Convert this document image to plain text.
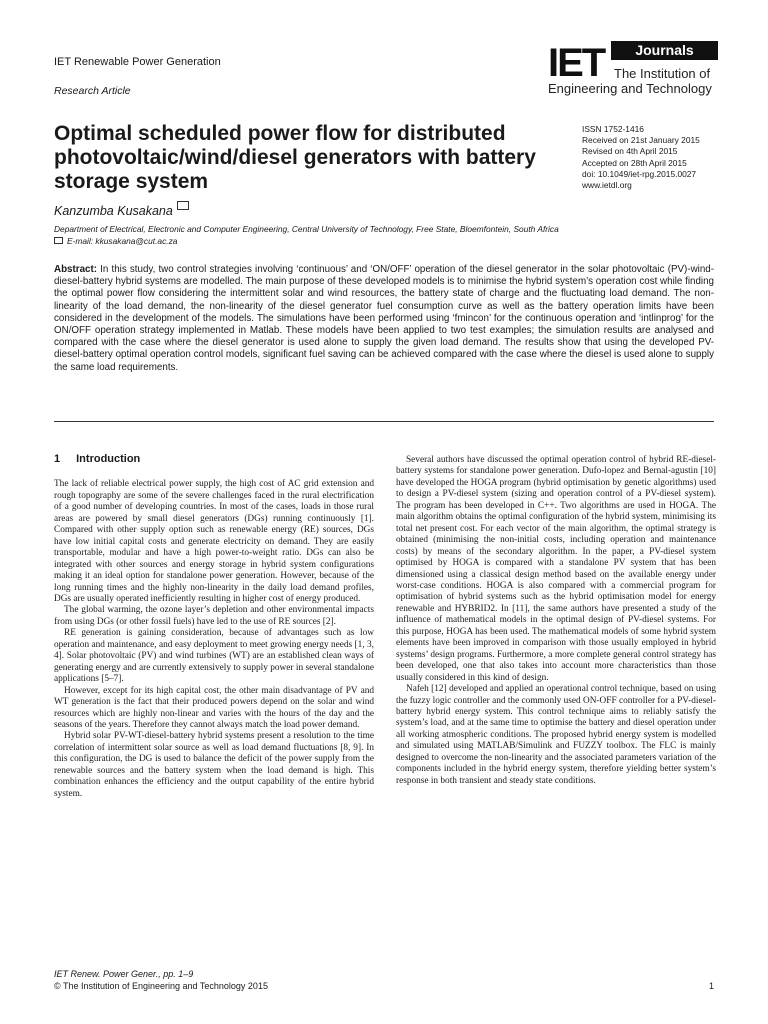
IET Renewable Power Generation
Research Article
IET	Journals
The Institution of
Engineering and Technology
Optimal scheduled power flow for distributed photovoltaic/wind/diesel generators with battery storage system
ISSN 1752-1416
Received on 21st January 2015
Revised on 4th April 2015
Accepted on 28th April 2015
doi: 10.1049/iet-rpg.2015.0027
www.ietdl.org
Kanzumba Kusakana
Department of Electrical, Electronic and Computer Engineering, Central University of Technology, Free State, Bloemfontein, South Africa
E-mail: kkusakana@cut.ac.za

Abstract: In this study, two control strategies involving ‘continuous’ and ‘ON/OFF’ operation of the diesel generator in the solar photovoltaic (PV)-wind-diesel-battery hybrid systems are modelled. The main purpose of these developed models is to minimise the hybrid system’s operation cost while finding the optimal power flow considering the intermittent solar and wind resources, the battery state of charge and the fluctuating load demand. The non-linearity of the load demand, the non-linearity of the diesel generator fuel consumption curve as well as the battery operation limits have been considered in the development of the models. The simulations have been performed using ‘fmincon’ for the continuous operation and ‘intlinprog’ for the ON/OFF operation strategy implemented in Matlab. These models have been applied to two test examples; the simulation results are analysed and compared with the case where the diesel generator is used alone to supply the given load demand. The results show that using the developed PV-diesel-battery optimal operation control models, significant fuel saving can be achieved compared with the case where the diesel is used alone to supply the same load requirements.

1 Introduction

The lack of reliable electrical power supply, the high cost of AC grid extension and rough topography are some of the severe challenges faced in the rural electrification of a good number of developing countries. In most of the cases, loads in those rural areas are powered by small diesel generators (DGs) running continuously [1]. Compared with other supply option such as renewable energy (RE) sources, DGs have low initial capital costs and generate electricity on demand. They are easily transportable, modular and have a high power-to-weight ratio. DGs can also be integrated with other sources and energy storage in hybrid system configurations making it an ideal option for standalone power generation. However, because of the long running times and the highly non-linearity in the daily load demand profiles, DGs are usually operated inefficiently resulting in higher cost of energy produced.

The global warming, the ozone layer’s depletion and other environmental impacts from using DGs (or other fossil fuels) have led to the use of RE sources [2].

RE generation is gaining consideration, because of advantages such as low operation and maintenance, and easy deployment to meet growing energy needs [1, 3, 4]. Solar photovoltaic (PV) and wind turbines (WT) are an established clean ways of generating energy and are currently extensively to supply power in several standalone applications [5–7].

However, except for its high capital cost, the other main disadvantage of PV and WT generation is the fact that their produced powers depend on the solar and wind resources which are highly non-linear and varies with the hours of the day and the seasons of the years. Therefore they cannot always match the load power demand.

Hybrid solar PV-WT-diesel-battery hybrid systems present a resolution to the time correlation of intermittent solar source as well as load demand fluctuations [8, 9]. In this configuration, the DG is used to balance the deficit of the power supply from the renewable sources and the battery system when the load demand is high. This combination enhances the efficiency and the output capability of the entire hybrid system.

Several authors have discussed the optimal operation control of hybrid RE-diesel-battery systems for standalone power generation. Dufo-lopez and Bernal-agustin [10] have developed the HOGA program (hybrid optimisation by genetic algorithms) used to design a PV-diesel system (sizing and operation control of a PV-diesel system). The program has been developed in C++. Two algorithms are used in HOGA. The main algorithm obtains the optimal configuration of the hybrid system, minimising its total net present cost. For each vector of the main algorithm, the optimal strategy is obtained (minimising the non-initial costs, including operation and maintenance costs) by means of the secondary algorithm. In the paper, a PV-diesel system optimised by HOGA is compared with a standalone PV system that has been dimensioned using a classical design method based on the available energy under worst-case conditions. HOGA is also compared with a commercial program for optimisation of hybrid systems such as the hybrid optimisation model for energy renewable and HYBRID2. In [11], the same authors have presented a study of the influence of mathematical models in the optimal design of PV-diesel systems. For this purpose, HOGA has been used. The mathematical models of some hybrid system elements have been improved in comparison with those usually employed in hybrid systems’ design programs. Furthermore, a more complete general control strategy has been developed, one that also takes into account more characteristics than those usually considered in this kind of design.

Nafeh [12] developed and applied an operational control technique, based on using the fuzzy logic controller and the commonly used ON-OFF controller for a PV-diesel-battery hybrid energy system. This control technique aims to reliably satisfy the system’s load, and at the same time to optimise the battery and diesel operation under all working atmospheric conditions. The proposed hybrid energy system is modelled and simulated using MATLAB/Simulink and FUZZY toolbox. The FLC is mainly designed to overcome the non-linearity and the associated parameters variation of the components included in the hybrid energy system, therefore yielding better system’s response in both transient and steady state conditions.

IET Renew. Power Gener., pp. 1–9
© The Institution of Engineering and Technology 2015	1
